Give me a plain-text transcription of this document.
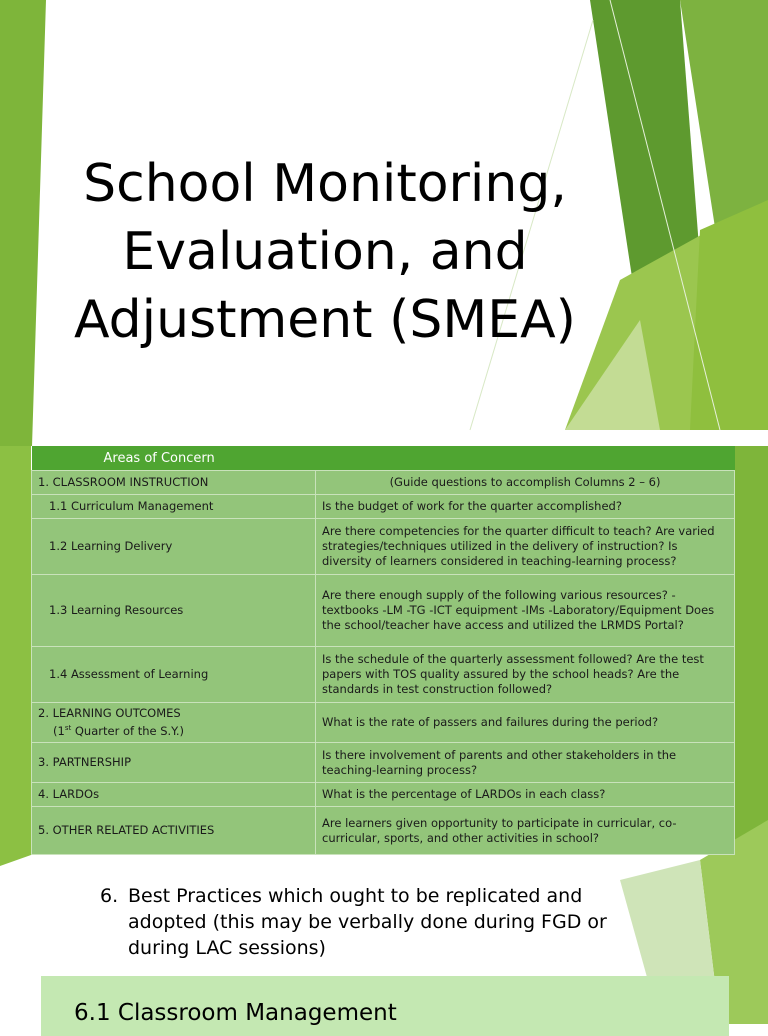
School Monitoring,
Evaluation, and
Adjustment (SMEA)
Areas of Concern	
1. CLASSROOM INSTRUCTION	(Guide questions to accomplish Columns 2 – 6)
1.1 Curriculum Management	Is the budget of work for the quarter accomplished?
1.2 Learning Delivery	Are there competencies for the quarter difficult to teach? Are varied strategies/techniques utilized in the delivery of instruction? Is diversity of learners considered in teaching-learning process?
1.3 Learning Resources	Are there enough supply of the following various resources? -textbooks -LM -TG -ICT equipment -IMs -Laboratory/Equipment Does the school/teacher have access and utilized the LRMDS Portal?
1.4 Assessment of Learning	Is the schedule of the quarterly assessment followed? Are the test papers with TOS quality assured by the school heads? Are the standards in test construction followed?

2. LEARNING OUTCOMES
(1st Quarter of the S.Y.)	What is the rate of passers and failures during the period?
3. PARTNERSHIP	Is there involvement of parents and other stakeholders in the teaching-learning process?
4. LARDOs	What is the percentage of LARDOs in each class?
5. OTHER RELATED ACTIVITIES	Are learners given opportunity to participate in curricular, co-curricular, sports, and other activities in school?
6. Best Practices which ought to be replicated and adopted (this may be verbally done during FGD or during LAC sessions)
6.1 Classroom Management
